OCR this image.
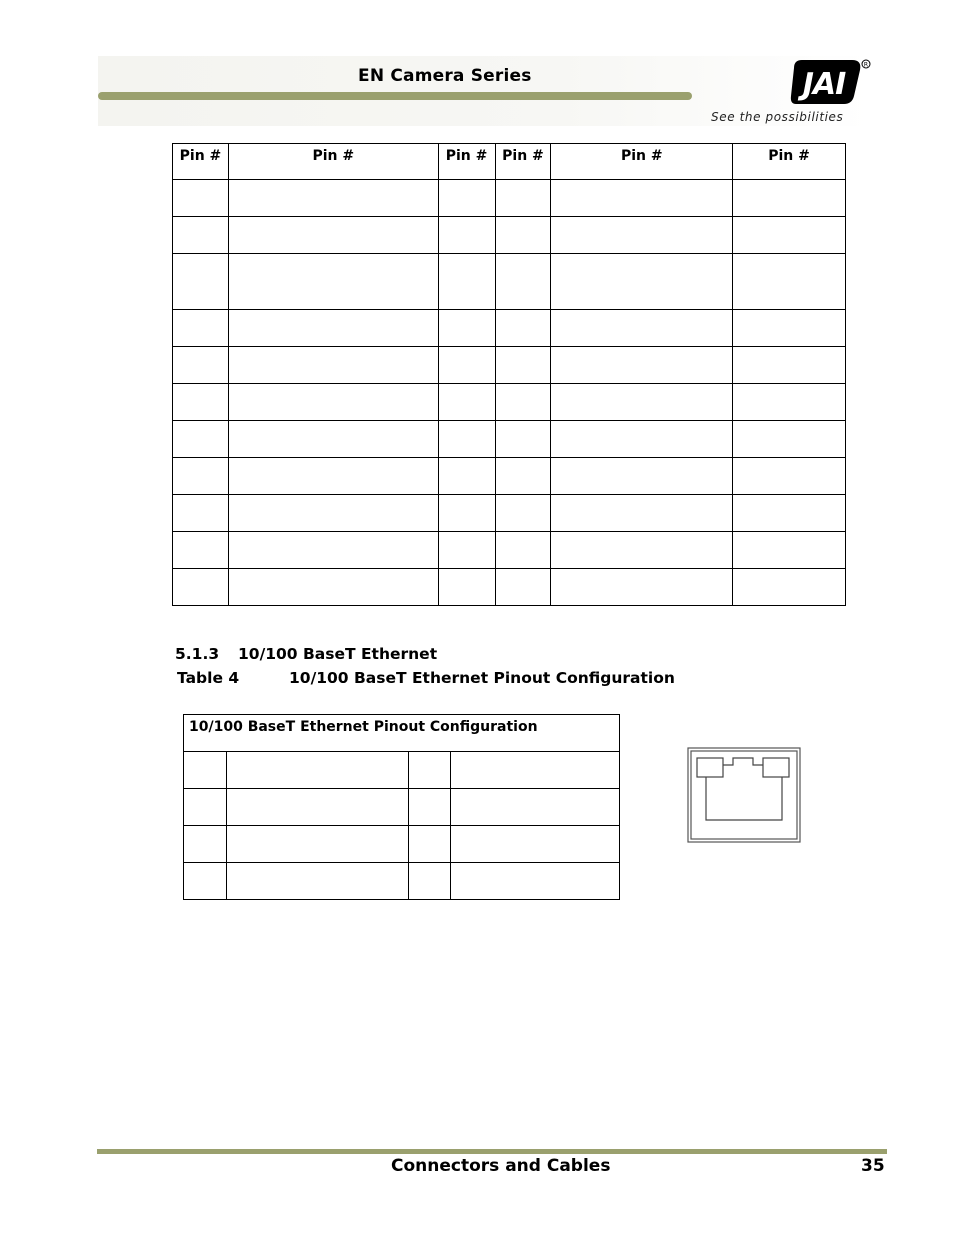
EN Camera Series	JAI
R
See the possibilities
Pin #	Pin #	Pin #	Pin #	Pin #	Pin #

5.1.3 10/100 BaseT Ethernet
Table 4	10/100 BaseT Ethernet Pinout Configuration
10/100 BaseT Ethernet Pinout Configuration			

Connectors and Cables	35
